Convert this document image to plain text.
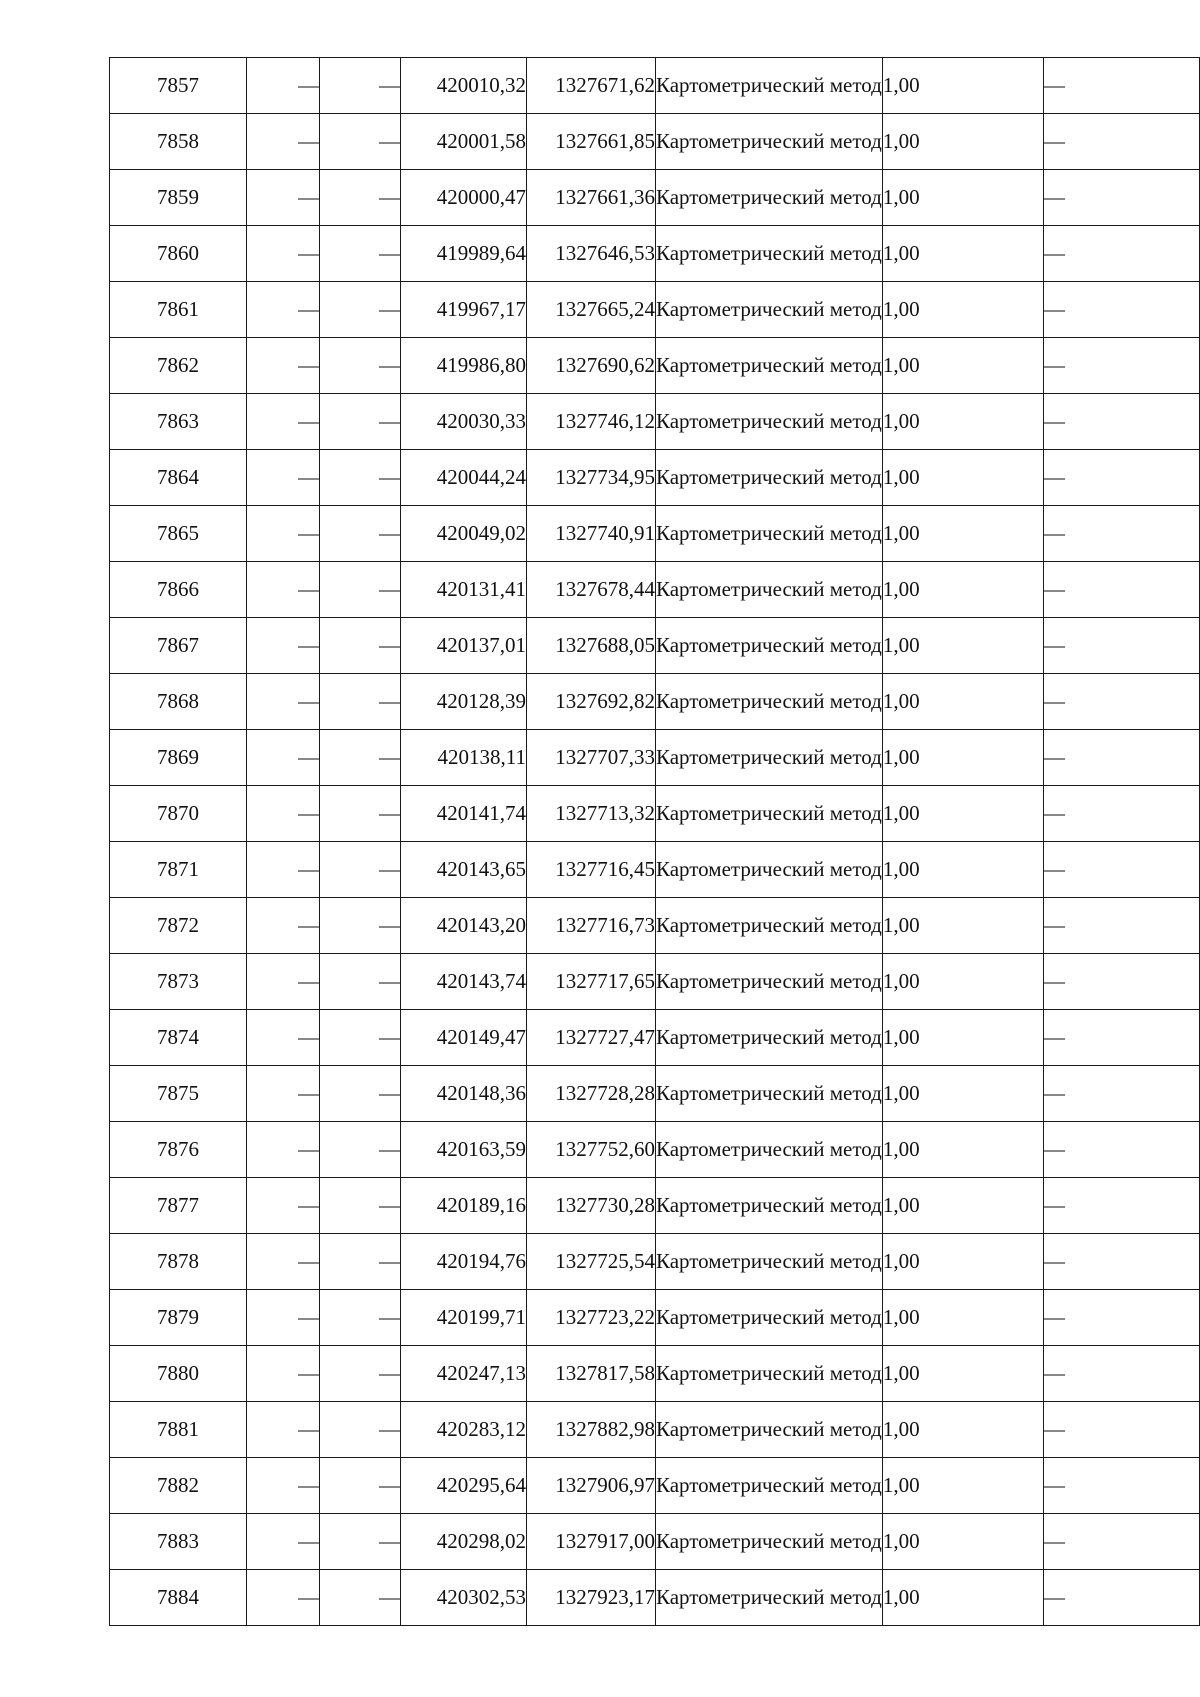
7857	—	—	420010,32	1327671,62	Картометрический метод	1,00	—
7858	—	—	420001,58	1327661,85	Картометрический метод	1,00	—
7859	—	—	420000,47	1327661,36	Картометрический метод	1,00	—
7860	—	—	419989,64	1327646,53	Картометрический метод	1,00	—
7861	—	—	419967,17	1327665,24	Картометрический метод	1,00	—
7862	—	—	419986,80	1327690,62	Картометрический метод	1,00	—
7863	—	—	420030,33	1327746,12	Картометрический метод	1,00	—
7864	—	—	420044,24	1327734,95	Картометрический метод	1,00	—
7865	—	—	420049,02	1327740,91	Картометрический метод	1,00	—
7866	—	—	420131,41	1327678,44	Картометрический метод	1,00	—
7867	—	—	420137,01	1327688,05	Картометрический метод	1,00	—
7868	—	—	420128,39	1327692,82	Картометрический метод	1,00	—
7869	—	—	420138,11	1327707,33	Картометрический метод	1,00	—
7870	—	—	420141,74	1327713,32	Картометрический метод	1,00	—
7871	—	—	420143,65	1327716,45	Картометрический метод	1,00	—
7872	—	—	420143,20	1327716,73	Картометрический метод	1,00	—
7873	—	—	420143,74	1327717,65	Картометрический метод	1,00	—
7874	—	—	420149,47	1327727,47	Картометрический метод	1,00	—
7875	—	—	420148,36	1327728,28	Картометрический метод	1,00	—
7876	—	—	420163,59	1327752,60	Картометрический метод	1,00	—
7877	—	—	420189,16	1327730,28	Картометрический метод	1,00	—
7878	—	—	420194,76	1327725,54	Картометрический метод	1,00	—
7879	—	—	420199,71	1327723,22	Картометрический метод	1,00	—
7880	—	—	420247,13	1327817,58	Картометрический метод	1,00	—
7881	—	—	420283,12	1327882,98	Картометрический метод	1,00	—
7882	—	—	420295,64	1327906,97	Картометрический метод	1,00	—
7883	—	—	420298,02	1327917,00	Картометрический метод	1,00	—
7884	—	—	420302,53	1327923,17	Картометрический метод	1,00	—
